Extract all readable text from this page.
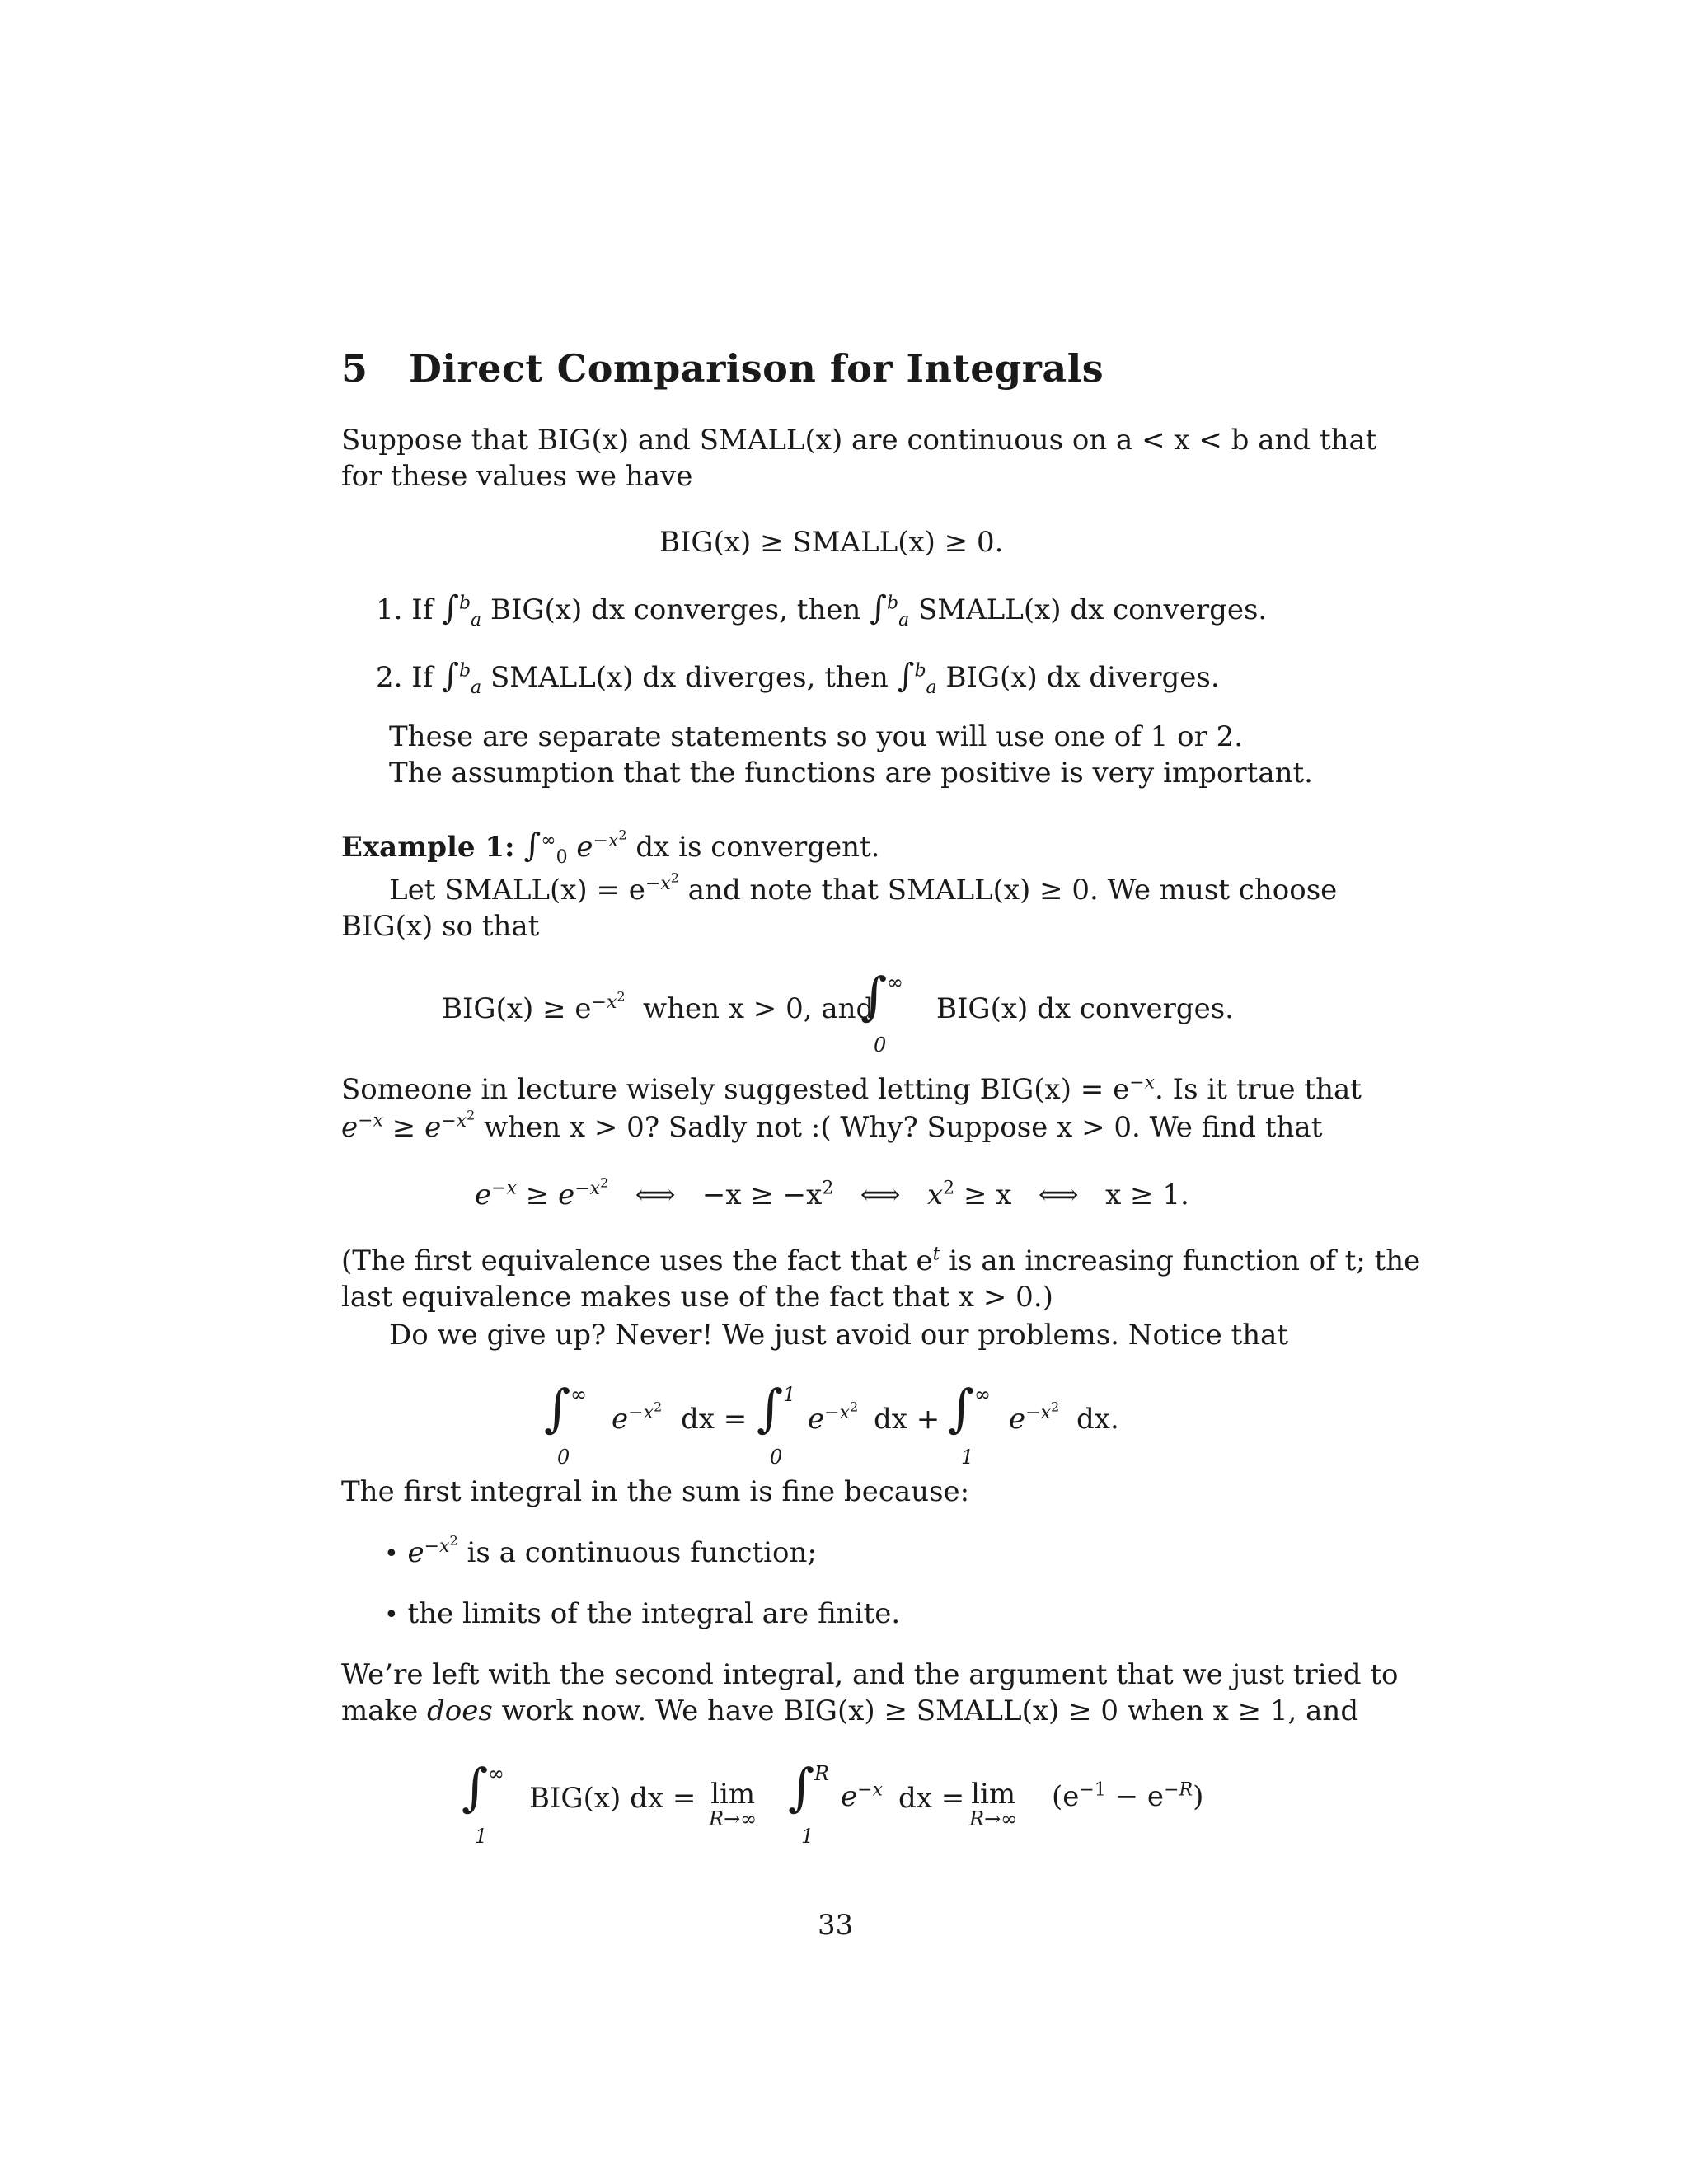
5 Direct Comparison for Integrals
Suppose that BIG(x) and SMALL(x) are continuous on a < x < b and that
for these values we have
BIG(x) ≥ SMALL(x) ≥ 0.
1. If ∫$^b_a$ BIG(x) dx converges, then ∫$^b_a$ SMALL(x) dx converges.
2. If ∫$^b_a$ SMALL(x) dx diverges, then ∫$^b_a$ BIG(x) dx diverges.
These are separate statements so you will use one of 1 or 2.
The assumption that the functions are positive is very important.
Example 1: $\int^\infty_0$ $e^{-x^2}$ dx is convergent.
Let SMALL(x) = $e^{-x^2}$ and note that SMALL(x) ≥ 0. We must choose
BIG(x) so that
$BIG(x) \ge e^{-x^2}$ when x > 0, and
∫ ∞
0
BIG(x) dx converges.
Someone in lecture wisely suggested letting $BIG(x) = e^{-x}$. Is it true that
$e^{-x} \ge e^{-x^2}$ when x > 0? Sadly not :( Why? Suppose x > 0. We find that
$e^{-x} \ge e^{-x^2}$ ⟺ $-x \ge -x^2$ ⟺ $x^2 \ge x$ ⟺ x ≥ 1.
(The first equivalence uses the fact that $e^t$ is an increasing function of t; the
last equivalence makes use of the fact that x > 0.)
Do we give up? Never! We just avoid our problems. Notice that
∫ ∞
0
$e^{-x^2}$ dx = ∫ 1
0
$e^{-x^2}$ dx + ∫ ∞
1
$e^{-x^2}$ dx.
The first integral in the sum is fine because:
• $e^{-x^2}$ is a continuous function;
• the limits of the integral are finite.
We’re left with the second integral, and the argument that we just tried to
make does work now. We have BIG(x) ≥ SMALL(x) ≥ 0 when x ≥ 1, and
∫ ∞
1
BIG(x) dx = lim
R→∞
∫ R
1
$e^{-x}$ dx = lim
R→∞
$(e^{-1} - e^{-R})$
33
